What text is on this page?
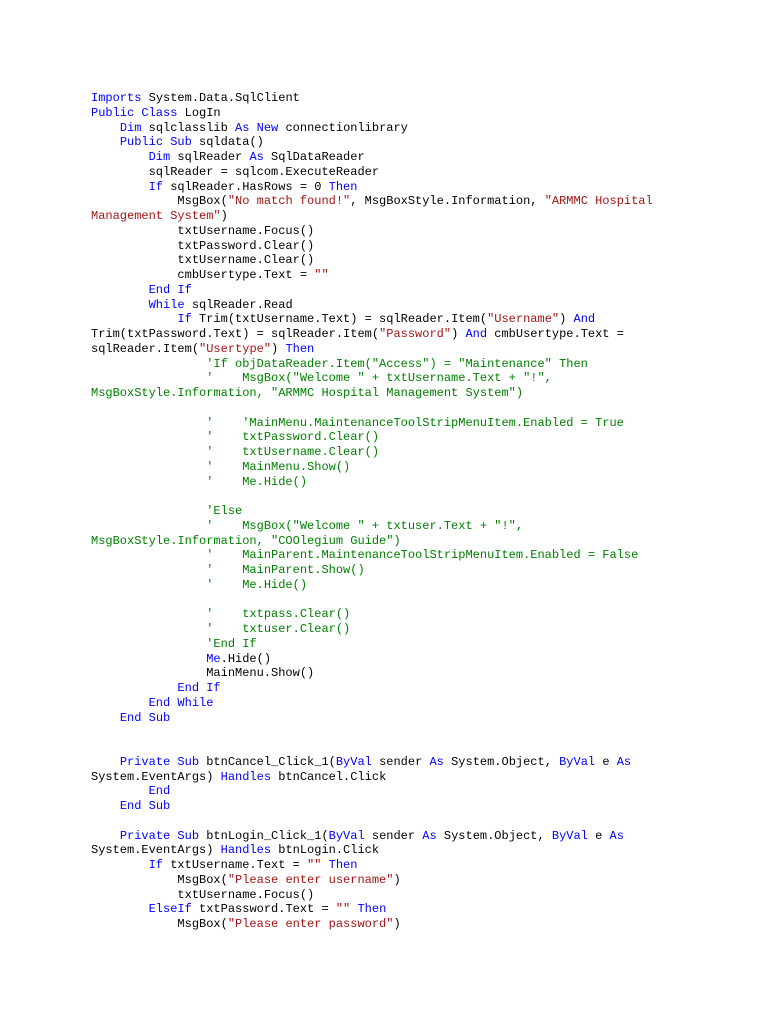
Imports System.Data.SqlClient
Public Class LogIn
Dim sqlclasslib As New connectionlibrary
Public Sub sqldata()
Dim sqlReader As SqlDataReader
sqlReader = sqlcom.ExecuteReader
If sqlReader.HasRows = 0 Then
MsgBox("No match found!", MsgBoxStyle.Information, "ARMMC Hospital
Management System")
txtUsername.Focus()
txtPassword.Clear()
txtUsername.Clear()
cmbUsertype.Text = ""
End If
While sqlReader.Read
If Trim(txtUsername.Text) = sqlReader.Item("Username") And
Trim(txtPassword.Text) = sqlReader.Item("Password") And cmbUsertype.Text =
sqlReader.Item("Usertype") Then
'If objDataReader.Item("Access") = "Maintenance" Then
'    MsgBox("Welcome " + txtUsername.Text + "!",
MsgBoxStyle.Information, "ARMMC Hospital Management System")
'    'MainMenu.MaintenanceToolStripMenuItem.Enabled = True
'    txtPassword.Clear()
'    txtUsername.Clear()
'    MainMenu.Show()
'    Me.Hide()
'Else
'    MsgBox("Welcome " + txtuser.Text + "!",
MsgBoxStyle.Information, "COOlegium Guide")
'    MainParent.MaintenanceToolStripMenuItem.Enabled = False
'    MainParent.Show()
'    Me.Hide()
'    txtpass.Clear()
'    txtuser.Clear()
'End If
Me.Hide()
MainMenu.Show()
End If
End While
End Sub
Private Sub btnCancel_Click_1(ByVal sender As System.Object, ByVal e As
System.EventArgs) Handles btnCancel.Click
End
End Sub
Private Sub btnLogin_Click_1(ByVal sender As System.Object, ByVal e As
System.EventArgs) Handles btnLogin.Click
If txtUsername.Text = "" Then
MsgBox("Please enter username")
txtUsername.Focus()
ElseIf txtPassword.Text = "" Then
MsgBox("Please enter password")
